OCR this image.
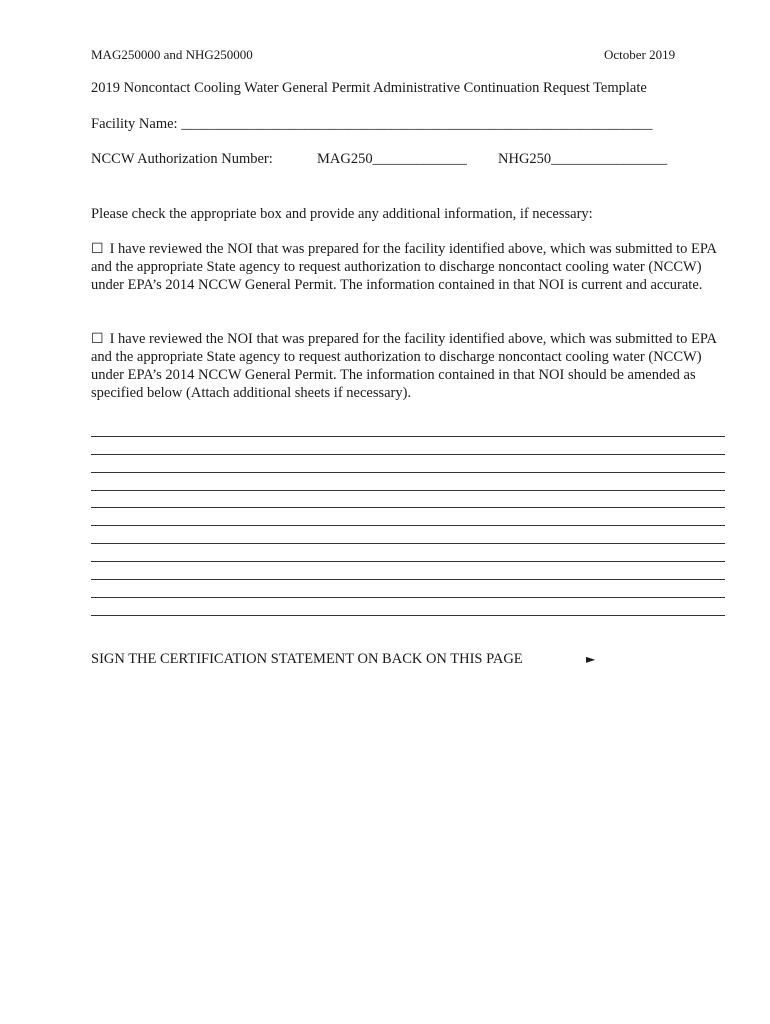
MAG250000 and NHG250000	October 2019
2019 Noncontact Cooling Water General Permit Administrative Continuation Request Template
Facility Name: _________________________________________________________________
NCCW Authorization Number:	MAG250_____________ NHG250________________
Please check the appropriate box and provide any additional information, if necessary:
☐ I have reviewed the NOI that was prepared for the facility identified above, which was submitted to EPA and the appropriate State agency to request authorization to discharge noncontact cooling water (NCCW) under EPA’s 2014 NCCW General Permit. The information contained in that NOI is current and accurate.
☐ I have reviewed the NOI that was prepared for the facility identified above, which was submitted to EPA and the appropriate State agency to request authorization to discharge noncontact cooling water (NCCW) under EPA’s 2014 NCCW General Permit. The information contained in that NOI should be amended as specified below (Attach additional sheets if necessary).
SIGN THE CERTIFICATION STATEMENT ON BACK ON THIS PAGE	►
